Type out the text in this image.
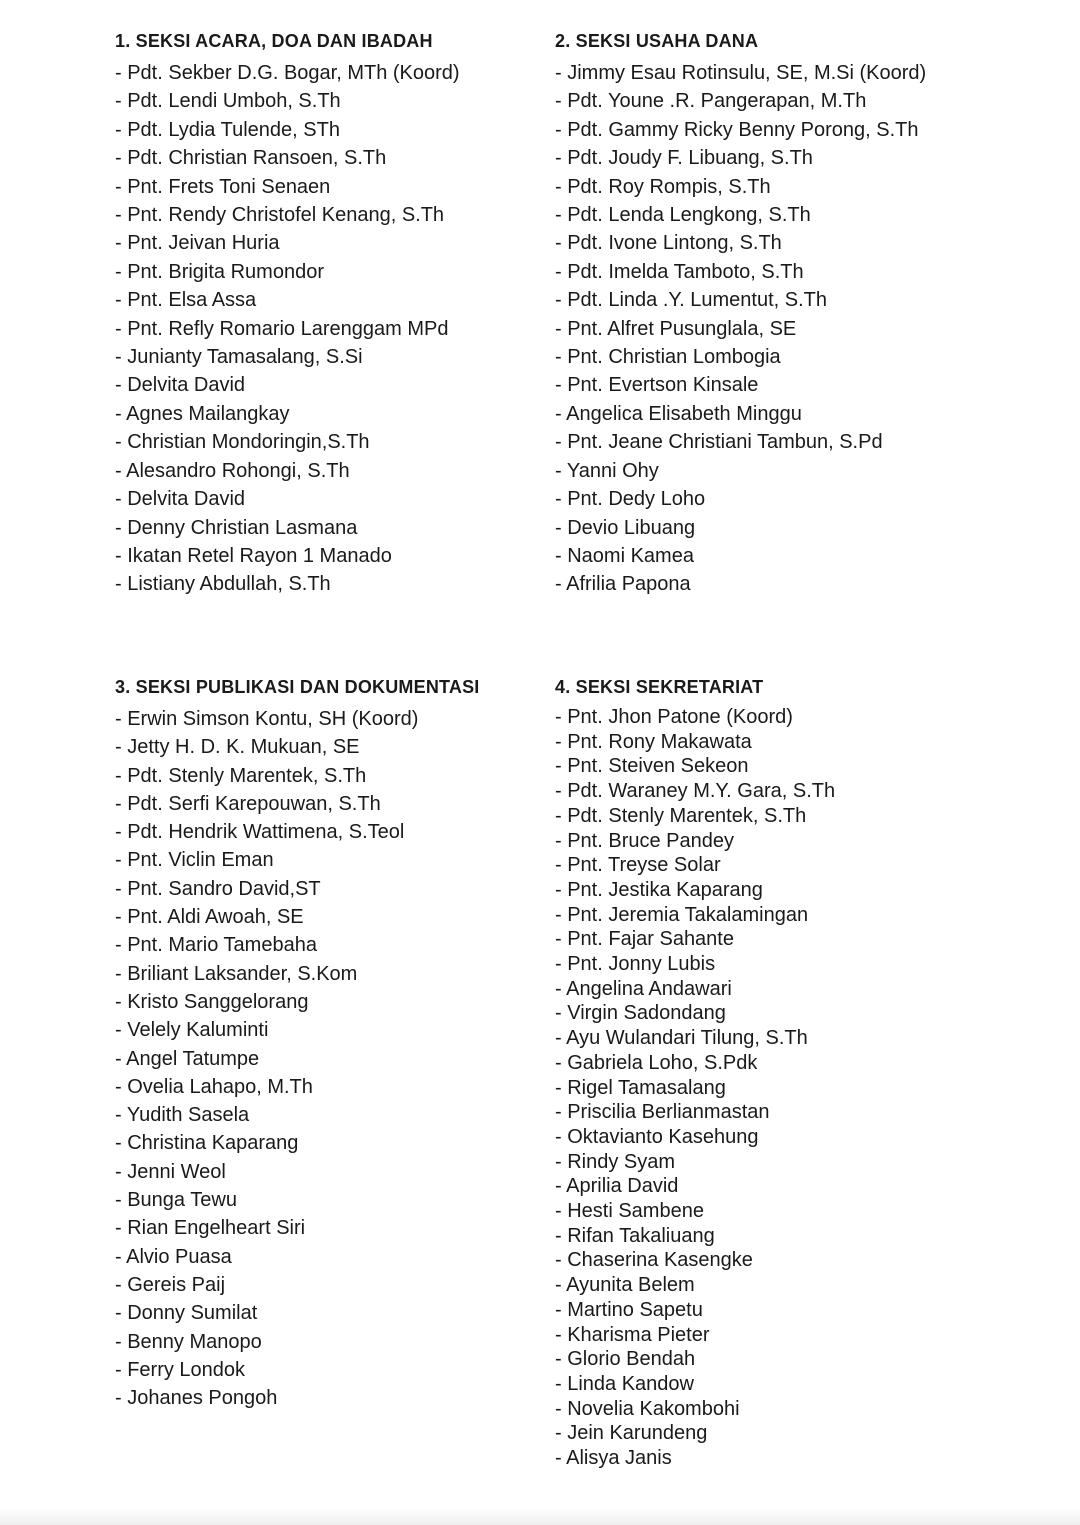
1. SEKSI ACARA, DOA DAN IBADAH
- Pdt. Sekber D.G. Bogar, MTh (Koord)
- Pdt. Lendi Umboh, S.Th
- Pdt. Lydia Tulende, STh
- Pdt. Christian Ransoen, S.Th
- Pnt. Frets Toni Senaen
- Pnt. Rendy Christofel Kenang, S.Th
- Pnt. Jeivan Huria
- Pnt. Brigita Rumondor
- Pnt. Elsa Assa
- Pnt. Refly Romario Larenggam MPd
- Junianty Tamasalang, S.Si
- Delvita David
- Agnes Mailangkay
- Christian Mondoringin,S.Th
- Alesandro Rohongi, S.Th
- Delvita David
- Denny Christian Lasmana
- Ikatan Retel Rayon 1 Manado
- Listiany Abdullah, S.Th
2. SEKSI USAHA DANA
- Jimmy Esau Rotinsulu, SE, M.Si (Koord)
- Pdt. Youne .R. Pangerapan, M.Th
- Pdt. Gammy Ricky Benny Porong, S.Th
- Pdt. Joudy F. Libuang, S.Th
- Pdt. Roy Rompis, S.Th
- Pdt. Lenda Lengkong, S.Th
- Pdt. Ivone Lintong, S.Th
- Pdt. Imelda Tamboto, S.Th
- Pdt. Linda .Y. Lumentut, S.Th
- Pnt. Alfret Pusunglala, SE
- Pnt. Christian Lombogia
- Pnt. Evertson Kinsale
- Angelica Elisabeth Minggu
- Pnt. Jeane Christiani Tambun, S.Pd
- Yanni Ohy
- Pnt. Dedy Loho
- Devio Libuang
- Naomi Kamea
- Afrilia Papona
3. SEKSI PUBLIKASI DAN DOKUMENTASI
- Erwin Simson Kontu, SH (Koord)
- Jetty H. D. K. Mukuan, SE
- Pdt. Stenly Marentek, S.Th
- Pdt. Serfi Karepouwan, S.Th
- Pdt. Hendrik Wattimena, S.Teol
- Pnt. Viclin Eman
- Pnt. Sandro David,ST
- Pnt. Aldi Awoah, SE
- Pnt. Mario Tamebaha
- Briliant Laksander, S.Kom
- Kristo Sanggelorang
- Velely Kaluminti
- Angel Tatumpe
- Ovelia Lahapo, M.Th
- Yudith Sasela
- Christina Kaparang
- Jenni Weol
- Bunga Tewu
- Rian Engelheart Siri
- Alvio Puasa
- Gereis Paij
- Donny Sumilat
- Benny Manopo
- Ferry Londok
- Johanes Pongoh
4. SEKSI SEKRETARIAT
- Pnt. Jhon Patone (Koord)
- Pnt. Rony Makawata
- Pnt. Steiven Sekeon
- Pdt. Waraney M.Y. Gara, S.Th
- Pdt. Stenly Marentek, S.Th
- Pnt. Bruce Pandey
- Pnt. Treyse Solar
- Pnt. Jestika Kaparang
- Pnt. Jeremia Takalamingan
- Pnt. Fajar Sahante
- Pnt. Jonny Lubis
- Angelina Andawari
- Virgin Sadondang
- Ayu Wulandari Tilung, S.Th
- Gabriela Loho, S.Pdk
- Rigel Tamasalang
- Priscilia Berlianmastan
- Oktavianto Kasehung
- Rindy Syam
- Aprilia David
- Hesti Sambene
- Rifan Takaliuang
- Chaserina Kasengke
- Ayunita Belem
- Martino Sapetu
- Kharisma Pieter
- Glorio Bendah
- Linda Kandow
- Novelia Kakombohi
- Jein Karundeng
- Alisya Janis
